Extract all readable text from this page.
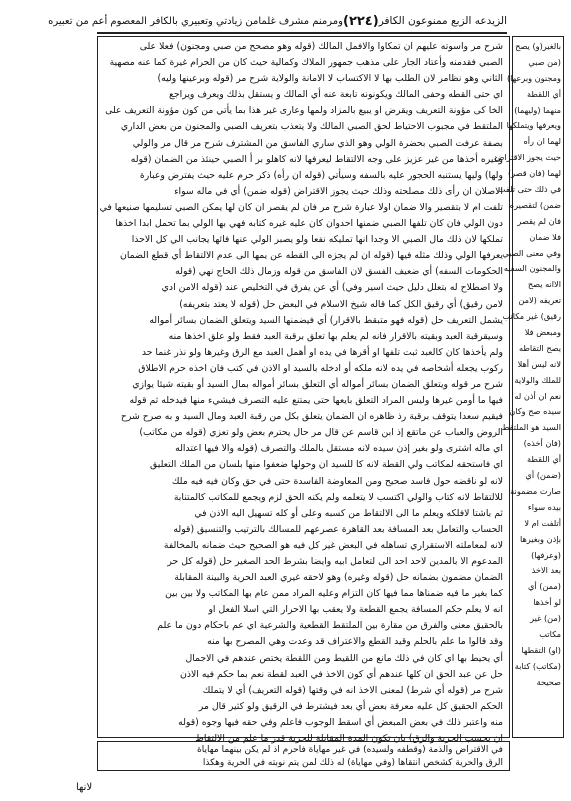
الزيدعه الزبع ممنوعون الكافر
(٢٢٤)
ومرمنم مشرف غلمامن زيادتي وتعبيري بالكافر المعصوم أعم من تعبيره
شرح مر واسوته عليهم ان تمكاوا والافمل المالك (قوله وهو مصحح من صبي ومجنون) فعلا على
الصبي فقدمنه وأعتاد الجار على مذهب جمهور الملاك وكمالية حيث كان من الحرام غيرة كما عنه مصهية
الثاني وهو نظامر لان الطلب بها لا الاكتساب لا الامانة والولاية شرح مر (قوله وبرعينها وليه)
اي حتى القطه وحفى المالك ويكونونه تابعة عنه أي المالك و يستقل بذلك ويعرف ويراجع
الخا كى مؤونة التعريف ويقرض او يبيع بالمزاد ولمها وعارى غير هذا بما يأتي من كون مؤونة التعريف على
الملتقط في مجبوب الاحتياط لحق الصبي المالك ولا يتعذب بتعريف الصبي والمجنون من بعض الداري
بصفة عرفت الصبي بحضرة الولي وهو الذي ساري الفاسق من المشترف شرح مر قال مر والولي
وغيره أخذها من غير عزيز على وجه الالتقاط ليعرفها لانه كاهلو بر أ الصبي حينئذ من الضمان (قوله
ولها) وليها يستنبه الحجور عليه بالسفه وسيأتي (قوله ان رأه) ذكر حرم عليه حيث يفترض وعبارة
الاصلان ان رأى ذلك مصلحته وذلك حيث يجوز الاقتراض (قوله ضمن) أي في ماله سواء
تلفت ام لا بتقصير والا ضمان اولا عبارة شرح مر فان لم يقصر ان كان لها يمكن الصبي تسليمها صنيعها في
دون الولي فان كان تلفها الصبي ضمنها احدوان كان عليه غيره كتابه فهي بها الولي بما تحمل ابدا اخذها
تملكها لان ذلك مال الصبي الا وجدا انها تمليكه نفعا ولو يصبر الولي عنها فائها يجانب الي كل الاحذا
يعرفها الولي وذلك مثله فيها (قوله ان لم يجزه الى القطه عن يمها الى عدم الالتقاط أي قطع الضمان
الحكومات السفه) أي ضعيف الفسق لان الفاسق من قوله وزمال ذلك الحاج نهي (قوله
ولا اصطلاح له بتعلل دليل حيث اسير وفي) أي عن يفرق في التخليص عند (قوله الامن ادي
لامن رقيق) أي رقيق الكل كما قاله شيخ الاسلام في البعض حل (قوله لا يعتد بتعريفه)
يشمل التعريف حل (قوله فهو متبقط بالاقرار) أي فيضمنها السيد ويتعلق الضمان بسائر أمواله
وسيقرقبة العبد وبقيته بالاقرار فانه لم يعلم بها تعلق برقبة العبد فقط ولو علق اخذها منه
ولم يأخذها كان كالعبد ثبت تلفها او أقرها في يده او أهمل العبد مع الرق وغيرها ولو نذر غنما حد
ركوب يجعله أشخاصه في يده لانه ملكه أو ادخله بالسيد او الاذن في كتب فان اخذه حرم الاطلاق
شرح مر قوله ويتعلق الضمان بسائر أمواله أي التعلق بسائر أمواله بمال السيد أو بقيته شيئا يوازي
فيها ما أومن غيرها وليس المراد التعلق بايعها حتى يمتنع عليه التصرف فيشيء منها فيدخله ثم قوله
فيقيم سعدا يتوقف برقبة رذ ظاهره ان الضمان يتعلق بكل من رقبة العبد ومال السيد و به صرح شرح
الروض والعباب عن ماتقع إذ ابن قاسم عن قال مر حال يحترم بعض ولو تعزي (قوله من مكاتب)
اي ماله اشترى ولو بغير إذن سيده لانه مستقل بالملك والتصرف (قوله والا فيها اعتداله
اي فاستحقه لمكاتب ولي القطة لانه كا للسيد ان وحولها ضعفوا منها بلسان من الملك التعليق
لانه لو ناقضه حول فاسد صحيح ومن المعاوضة الفاسدة حتى في حق وكان فيه فيه ملك
للالتقاط لانه كتاب والولي اكتسب لا يتعلمه ولم يكنه الحق لزم ويجمع للمكاتب كالمتنابة
ثم باشتا لافلكه ويعلم ما الى الالتقاط من كسبه وعلى أو كله تسهيل اليه الاذن في
الحساب والتعامل بعد المسافة بعد القاهرة عصرعهم للمسالك بالترتيب والتنسيق (قوله
لانه لمعاملته الاستقراري تساهله في البعض غير كل فيه هو الصحيح حيث ضمانه بالمخالفة
المدعوم الا بالمدين لاحد احد الى لتعامل ابيه وايضا بشرط الحد الصغير حل (قوله كل حر
الضمان مضمون بضمانه حل (قوله وغيره) وهو لاحقه غيري العبد الحرية والبينة المقابلة
كما بغير ما فيه ضمناها مما فيها كان التزام وعليه المراد ممن عام بها المكاتب ولا بين بين
انه لا يعلم حكم المسافة يجمع القطعة ولا يعقب بها الاحرار التي اسلا الفعل او
بالحقيق معنى والفرق من مقارة بين الملتقط القطعية والشرعية اي عم باحكام دون ما علم
وقد قالوا ما علم بالحلم وقيد القطع والاعتراف قد وعدت وهي المصرح بها منه
أي يحيط بها اي كان في ذلك مانع من اللقيط ومن اللقطة يختص عندهم في الاجمال
حل عن عبد الحق ان كلها عندهم أي كون الاخذ في العبد لقطة نعم بما حكم فيه الاذن
شرح مر (قوله أي شرط) لمعنى الاخذ انه في وقتها (قوله التعريف) أي لا يتملك
الحكم الحقيق كل عليه معرفة بعض أي بعد فيشترط في الرقيق ولو كثير قال مر
منه واعتبر ذلك في بعض المبعض أي اسقط الوجوب فاعلم وفي حقه فيها وجوه (قوله
ان بحسب الحرية والرق) بان تكون المدة المقابلة للحرية قدر ما علم من الالتقاط
بالغير(و) يصح
(من صبي
ومجنون وبرعها)
أي اللقطة
منهما (وليهما)
ويعرفها ويتملكها
لهما ان رأه
حيث يجوز الاقتراض
لهما (فان قصر)
في ذلك حتى تلفت
ضمن) لتقصيره
فان لم يقصر
فلا ضمان
وفي معنى الصبي
والمجنون السفيه
الاانه يصح
تعريفه (لامن
رقيق) غير مكاتب
ومبعض فلا
يصح التقاطه
لانه ليس أهلا
للملك والولاية
نعم ان أذن له
سيده صح وكان
السيد هو الملتقط
(فان أخذه)
أي اللقطة
(ضمن) أي
صارت مضمونة
بيده سواء
أتلفت ام لا
بإذن وبغيرها
(وعرفها)
بعد الاخذ
(ممن) أي
لو أخذها
(من) غير
مكاتب
(او) التقطها
(مكاتب) كتابة
صحيحة
في الاقتراض والذمة (وقطفه ولسيده) في غير مهاياة فاحرم اذ لم يكن بينهما مهاياة
الرق والحرية كشخص انتقاها (وفي مهاياة) له ذلك لمن يتم نوبته في الحرية وهكذا
لانها
